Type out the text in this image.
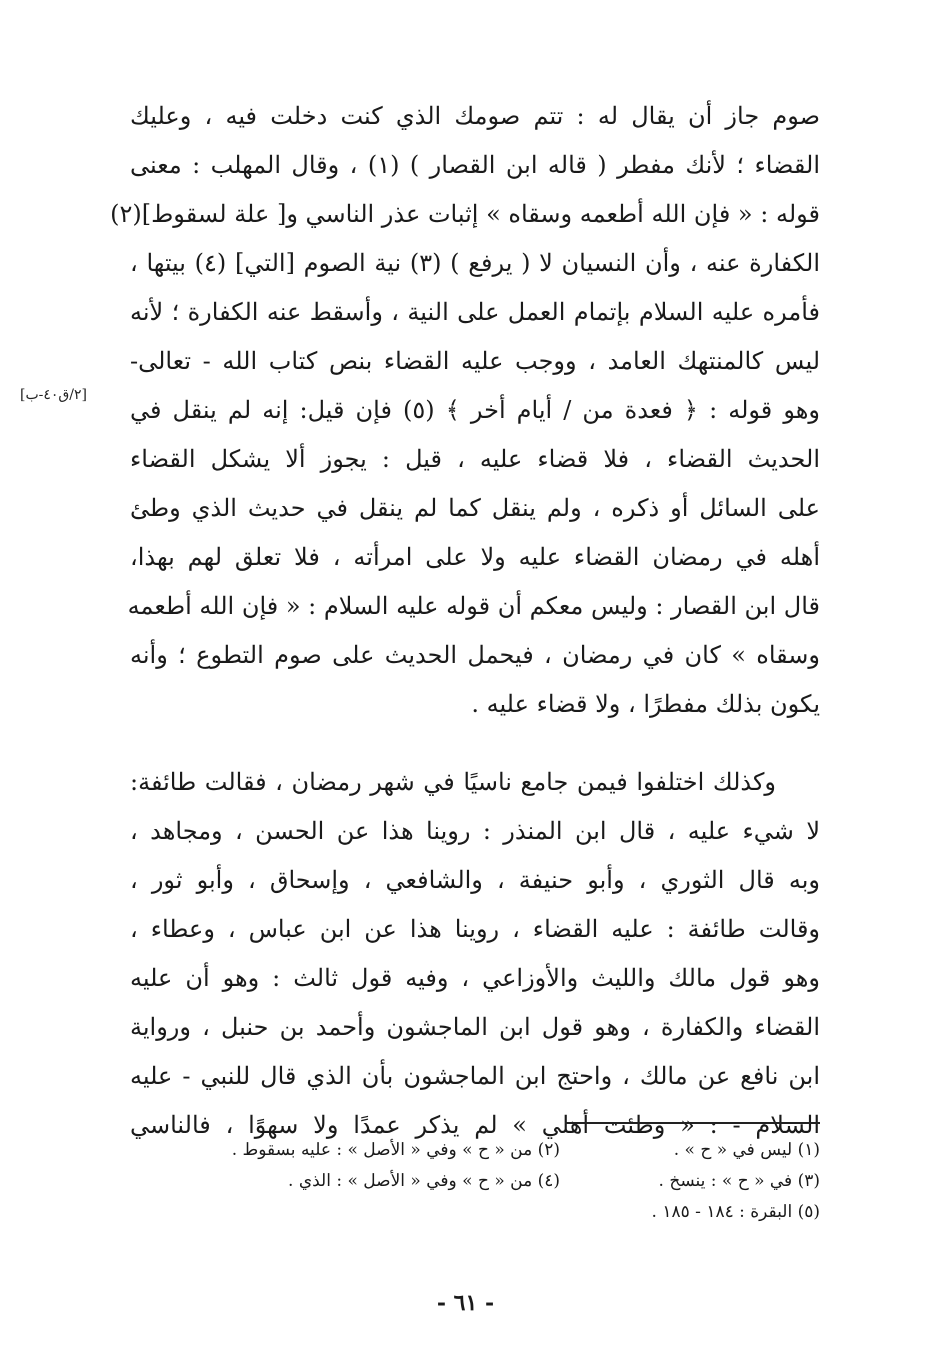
صوم جاز أن يقال له : تتم صومك الذي كنت دخلت فيه ، وعليك
القضاء ؛ لأنك مفطر ( قاله ابن القصار ) (١) ، وقال المهلب : معنى
قوله : « فإن الله أطعمه وسقاه » إثبات عذر الناسي و[ علة لسقوط](٢)
الكفارة عنه ، وأن النسيان لا ( يرفع ) (٣) نية الصوم [التي] (٤) بيتها ،
فأمره عليه السلام بإتمام العمل على النية ، وأسقط عنه الكفارة ؛ لأنه
ليس كالمنتهك العامد ، ووجب عليه القضاء بنص كتاب الله - تعالى-
وهو قوله : ﴿ فعدة من / أيام أخر ﴾ (٥) فإن قيل: إنه لم ينقل في
الحديث القضاء ، فلا قضاء عليه ، قيل : يجوز ألا يشكل القضاء
على السائل أو ذكره ، ولم ينقل كما لم ينقل في حديث الذي وطئ
أهله في رمضان القضاء عليه ولا على امرأته ، فلا تعلق لهم بهذا،
قال ابن القصار : وليس معكم أن قوله عليه السلام : « فإن الله أطعمه
وسقاه » كان في رمضان ، فيحمل الحديث على صوم التطوع ؛ وأنه
يكون بذلك مفطرًا ، ولا قضاء عليه .
وكذلك اختلفوا فيمن جامع ناسيًا في شهر رمضان ، فقالت طائفة:
لا شيء عليه ، قال ابن المنذر : روينا هذا عن الحسن ، ومجاهد ،
وبه قال الثوري ، وأبو حنيفة ، والشافعي ، وإسحاق ، وأبو ثور ،
وقالت طائفة : عليه القضاء ، روينا هذا عن ابن عباس ، وعطاء ،
وهو قول مالك والليث والأوزاعي ، وفيه قول ثالث : وهو أن عليه
القضاء والكفارة ، وهو قول ابن الماجشون وأحمد بن حنبل ، ورواية
ابن نافع عن مالك ، واحتج ابن الماجشون بأن الذي قال للنبي - عليه
السلام - : « وطئت أهلي » لم يذكر عمدًا ولا سهوًا ، فالناسي
[٢/ق٤٠-ب]
(١) ليس في « ح » .
(٢) من « ح » وفي « الأصل » : عليه بسقوط .
(٣) في « ح » : ينسخ .
(٤) من « ح » وفي « الأصل » : الذي .
(٥) البقرة : ١٨٤ - ١٨٥ .
- ٦١ -
